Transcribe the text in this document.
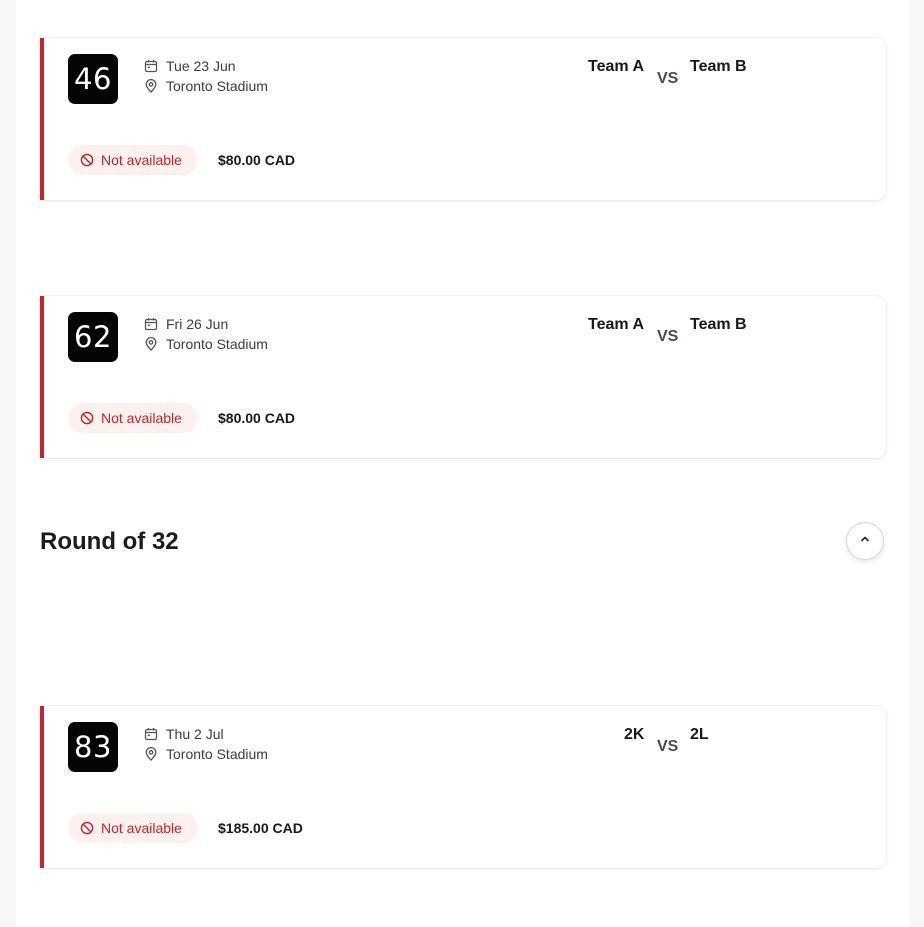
46	Tue 23 Jun
Toronto Stadium
Team A
VS
Team B
Not available	$80.00 CAD
62	Fri 26 Jun
Toronto Stadium
Team A
VS
Team B
Not available	$80.00 CAD
Round of 32
83	Thu 2 Jul
Toronto Stadium
2K
VS
2L
Not available	$185.00 CAD
